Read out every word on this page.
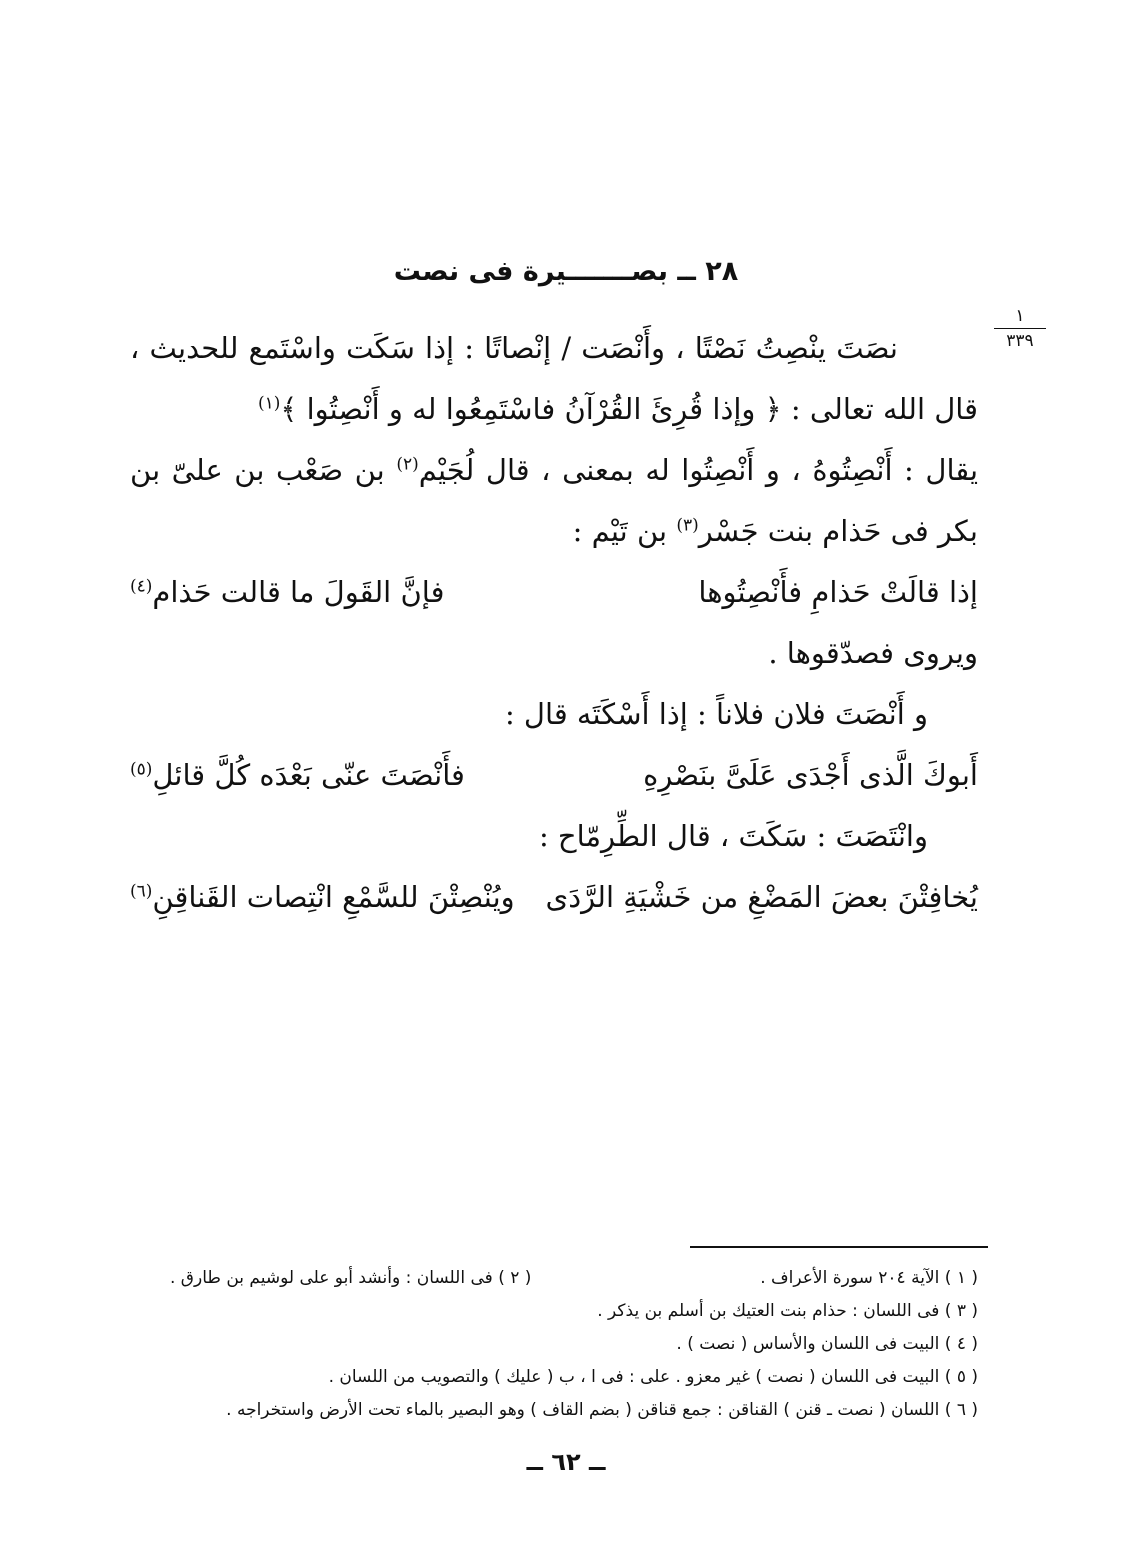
٢٨ ــ بصـــــــيرة فى نصت
١
٣٣٩

نصَتَ ينْصِتُ نَصْتًا ، وأَنْصَت / إنْصاتًا : إذا سَكَت واسْتَمع للحديث ، قال الله تعالى : ﴿ وإذا قُرِئَ القُرْآنُ فاسْتَمِعُوا له و أَنْصِتُوا ﴾$^{(١)}$

يقال : أَنْصِتُوهُ ، و أَنْصِتُوا له بمعنى ، قال لُجَيْم$^{(٢)}$ بن صَعْب بن علىّ بن بكر فى حَذام بنت جَسْر$^{(٣)}$ بن تَيْم :

إذا قالَتْ حَذامِ فأَنْصِتُوها
فإنَّ القَولَ ما قالت حَذام$^{(٤)}$

ويروى فصدّقوها .

و أَنْصَتَ فلان فلاناً : إذا أَسْكَتَه قال :

أَبوكَ الَّذى أَجْدَى عَلَىَّ بنَصْرِهِ
فأَنْصَتَ عنّى بَعْدَه كُلَّ قائلِ$^{(٥)}$

وانْتَصَتَ : سَكَتَ ، قال الطِّرِمّاح :

يُخافِتْنَ بعضَ المَضْغِ من خَشْيَةِ الرَّدَى
ويُنْصِتْنَ للسَّمْعِ انْتِصات القَناقِنِ$^{(٦)}$
( ١ ) الآية ٢٠٤ سورة الأعراف .
( ٢ ) فى اللسان : وأنشد أبو على لوشيم بن طارق .
( ٣ ) فى اللسان : حذام بنت العتيك بن أسلم بن يذكر .
( ٤ ) البيت فى اللسان والأساس ( نصت ) .
( ٥ ) البيت فى اللسان ( نصت ) غير معزو . على : فى ا ، ب ( عليك ) والتصويب من اللسان .
( ٦ ) اللسان ( نصت ـ قنن ) القناقن : جمع قناقن ( بضم القاف ) وهو البصير بالماء تحت الأرض واستخراجه .
ــ ٦٢ ــ
